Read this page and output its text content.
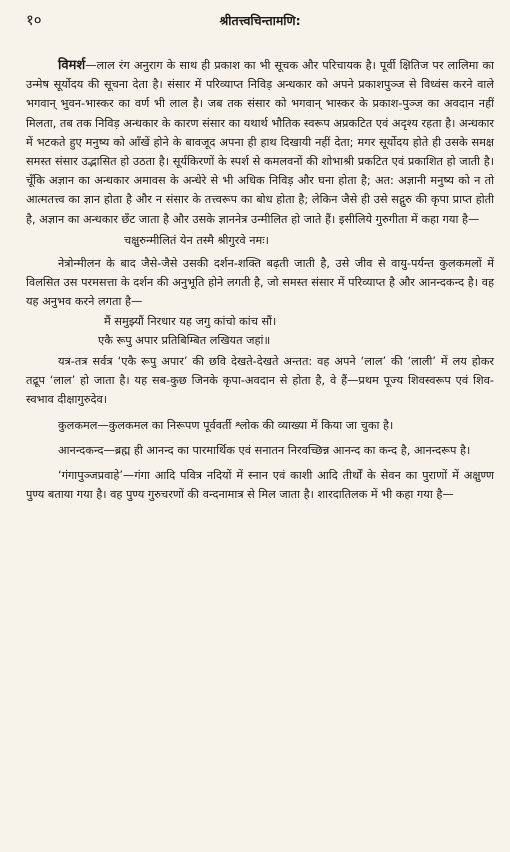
१०	श्रीतत्त्वचिन्तामणि:

विमर्श—लाल रंग अनुराग के साथ ही प्रकाश का भी सूचक और परिचायक है। पूर्वी क्षितिज पर लालिमा का उन्मेष सूर्योदय की सूचना देता है। संसार में परिव्याप्त निविड़ अन्धकार को अपने प्रकाशपुञ्ज से विध्वंस करने वाले भगवान् भुवन-भास्कर का वर्ण भी लाल है। जब तक संसार को भगवान् भास्कर के प्रकाश-पुञ्ज का अवदान नहीं मिलता, तब तक निविड़ अन्धकार के कारण संसार का यथार्थ भौतिक स्वरूप अप्रकटित एवं अदृश्य रहता है। अन्धकार में भटकते हुए मनुष्य को आँखें होने के बावजूद अपना ही हाथ दिखायी नहीं देता; मगर सूर्योदय होते ही उसके समक्ष समस्त संसार उद्भासित हो उठता है। सूर्यकिरणों के स्पर्श से कमलवनों की शोभाश्री प्रकटित एवं प्रकाशित हो जाती है। चूँकि अज्ञान का अन्धकार अमावस के अन्धेरे से भी अधिक निविड़ और घना होता है; अत: अज्ञानी मनुष्य को न तो आत्मतत्त्व का ज्ञान होता है और न संसार के तत्त्वरूप का बोध होता है; लेकिन जैसे ही उसे सद्गुरु की कृपा प्राप्त होती है, अज्ञान का अन्धकार छँट जाता है और उसके ज्ञाननेत्र उन्मीलित हो जाते हैं। इसीलिये गुरुगीता में कहा गया है—

चक्षुरुन्मीलितं येन तस्मै श्रीगुरवे नमः।

नेत्रोन्मीलन के बाद जैसे-जैसे उसकी दर्शन-शक्ति बढ़ती जाती है, उसे जीव से वायु-पर्यन्त कुलकमलों में विलसित उस परमसत्ता के दर्शन की अनुभूति होने लगती है, जो समस्त संसार में परिव्याप्त है और आनन्दकन्द है। वह यह अनुभव करने लगता है—

मैं समुझ्यौं निरधार यह जगु कांचो कांच सौं।

एकै रूपु अपार प्रतिबिम्बित लखियत जहां॥

यत्र-तत्र सर्वत्र ‘एकै रूपु अपार’ की छवि देखते-देखते अन्तत: वह अपने ‘लाल’ की ‘लाली’ में लय होकर तद्रूप ‘लाल’ हो जाता है। यह सब-कुछ जिनके कृपा-अवदान से होता है, वे हैं—प्रथम पूज्य शिवस्वरूप एवं शिव-स्वभाव दीक्षागुरुदेव।

कुलकमल—कुलकमल का निरूपण पूर्ववर्ती श्लोक की व्याख्या में किया जा चुका है।

आनन्दकन्द—ब्रह्म ही आनन्द का पारमार्थिक एवं सनातन निरवच्छिन्न आनन्द का कन्द है, आनन्दरूप है।

‘गंगापुञ्जप्रवाहे’—गंगा आदि पवित्र नदियों में स्नान एवं काशी आदि तीर्थों के सेवन का पुराणों में अक्षुण्ण पुण्य बताया गया है। वह पुण्य गुरुचरणों की वन्दनामात्र से मिल जाता है। शारदातिलक में भी कहा गया है—
